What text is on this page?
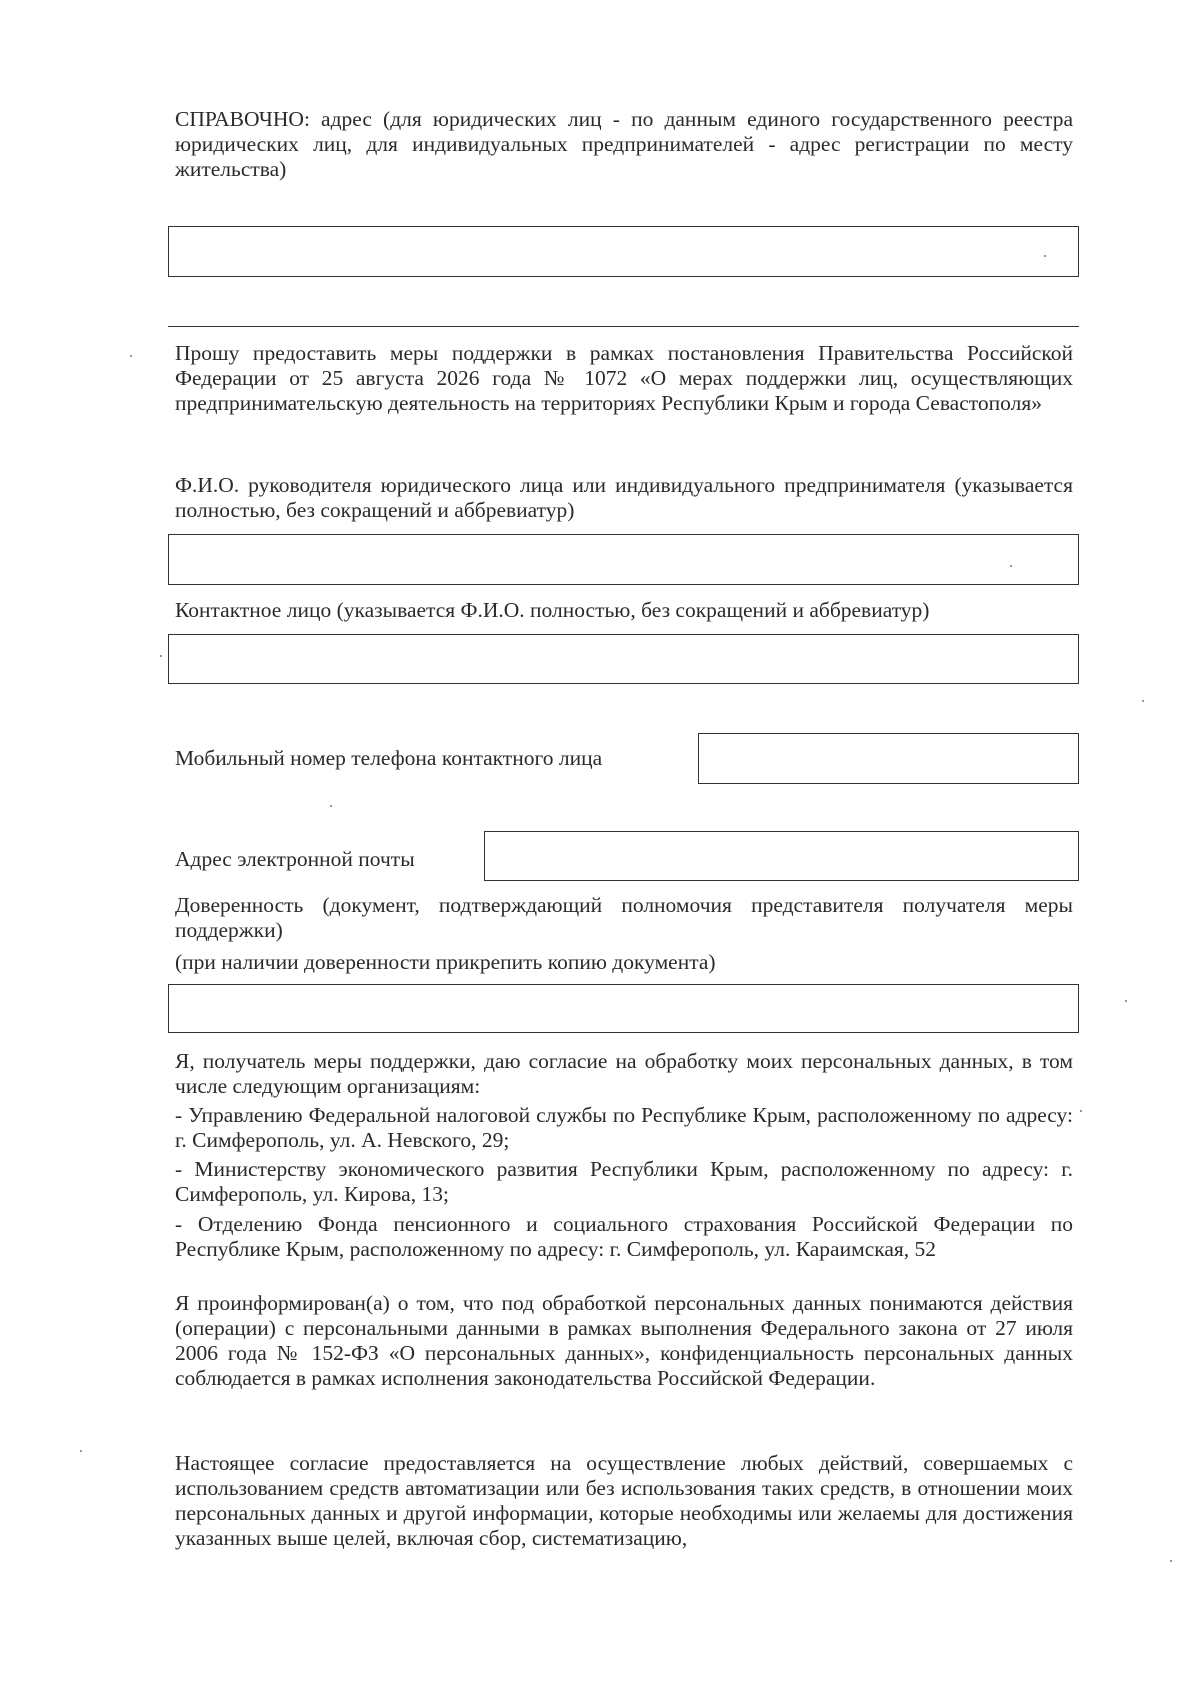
СПРАВОЧНО: адрес (для юридических лиц - по данным единого государственного реестра юридических лиц, для индивидуальных предпринимателей - адрес регистрации по месту жительства)

Прошу предоставить меры поддержки в рамках постановления Правительства Российской Федерации от 25 августа 2026 года № 1072 «О мерах поддержки лиц, осуществляющих предпринимательскую деятельность на территориях Республики Крым и города Севастополя»

Ф.И.О. руководителя юридического лица или индивидуального предпринимателя (указывается полностью, без сокращений и аббревиатур)

Контактное лицо (указывается Ф.И.О. полностью, без сокращений и аббревиатур)

Мобильный номер телефона контактного лица

Адрес электронной почты

Доверенность (документ, подтверждающий полномочия представителя получателя меры поддержки)

(при наличии доверенности прикрепить копию документа)

Я, получатель меры поддержки, даю согласие на обработку моих персональных данных, в том числе следующим организациям:

- Управлению Федеральной налоговой службы по Республике Крым, расположенному по адресу: г. Симферополь, ул. А. Невского, 29;

- Министерству экономического развития Республики Крым, расположенному по адресу: г. Симферополь, ул. Кирова, 13;

- Отделению Фонда пенсионного и социального страхования Российской Федерации по Республике Крым, расположенному по адресу: г. Симферополь, ул. Караимская, 52

Я проинформирован(а) о том, что под обработкой персональных данных понимаются действия (операции) с персональными данными в рамках выполнения Федерального закона от 27 июля 2006 года № 152-ФЗ «О персональных данных», конфиденциальность персональных данных соблюдается в рамках исполнения законодательства Российской Федерации.

Настоящее согласие предоставляется на осуществление любых действий, совершаемых с использованием средств автоматизации или без использования таких средств, в отношении моих персональных данных и другой информации, которые необходимы или желаемы для достижения указанных выше целей, включая сбор, систематизацию,
